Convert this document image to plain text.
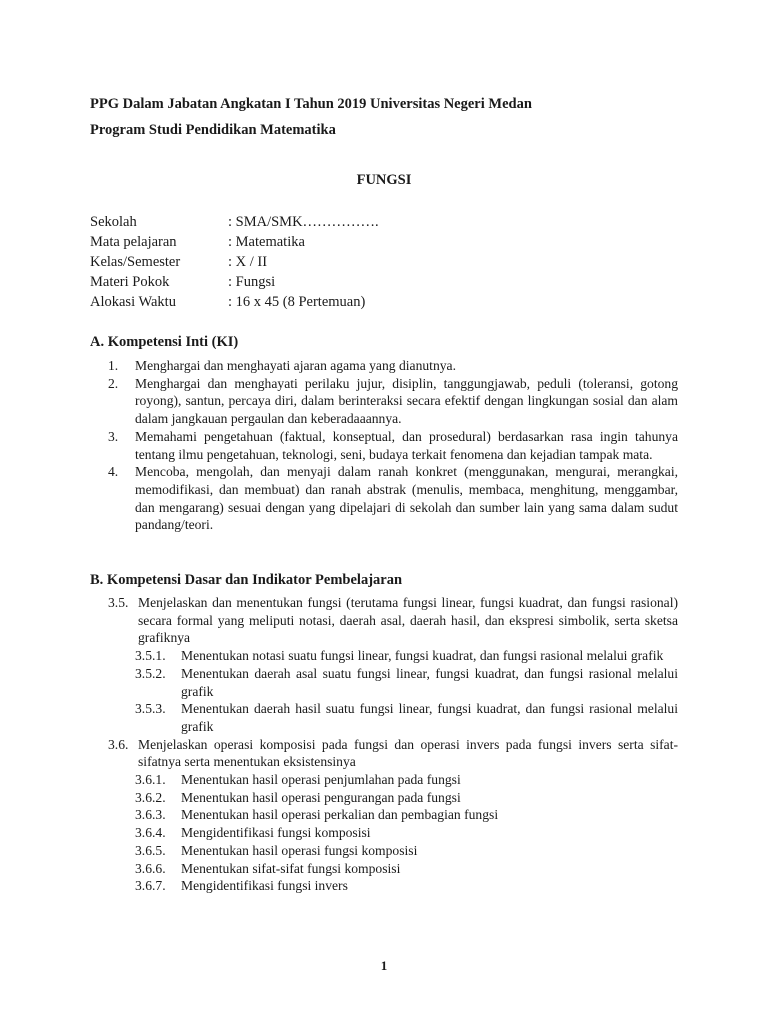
PPG Dalam Jabatan Angkatan I Tahun 2019 Universitas Negeri Medan
Program Studi Pendidikan Matematika
FUNGSI
Sekolah	: SMA/SMK…………….
Mata pelajaran	: Matematika
Kelas/Semester	: X / II
Materi Pokok	: Fungsi
Alokasi Waktu	: 16 x 45 (8 Pertemuan)
A. Kompetensi Inti (KI)
1.	Menghargai dan menghayati ajaran agama yang dianutnya.
2.	Menghargai dan menghayati perilaku jujur, disiplin, tanggungjawab, peduli (toleransi, gotong royong), santun, percaya diri, dalam berinteraksi secara efektif dengan lingkungan sosial dan alam dalam jangkauan pergaulan dan keberadaaannya.
3.	Memahami pengetahuan (faktual, konseptual, dan prosedural) berdasarkan rasa ingin tahunya tentang ilmu pengetahuan, teknologi, seni, budaya terkait fenomena dan kejadian tampak mata.
4.	Mencoba, mengolah, dan menyaji dalam ranah konkret (menggunakan, mengurai, merangkai, memodifikasi, dan membuat) dan ranah abstrak (menulis, membaca, menghitung, menggambar, dan mengarang) sesuai dengan yang dipelajari di sekolah dan sumber lain yang sama dalam sudut pandang/teori.
B. Kompetensi Dasar dan Indikator Pembelajaran
3.5. Menjelaskan dan menentukan fungsi (terutama fungsi linear, fungsi kuadrat, dan fungsi rasional) secara formal yang meliputi notasi, daerah asal, daerah hasil, dan ekspresi simbolik, serta sketsa grafiknya
3.5.1.	Menentukan notasi suatu fungsi linear, fungsi kuadrat, dan fungsi rasional melalui grafik
3.5.2.	Menentukan daerah asal suatu fungsi linear, fungsi kuadrat, dan fungsi rasional melalui grafik
3.5.3.	Menentukan daerah hasil suatu fungsi linear, fungsi kuadrat, dan fungsi rasional melalui grafik
3.6. Menjelaskan operasi komposisi pada fungsi dan operasi invers pada fungsi invers serta sifat-sifatnya serta menentukan eksistensinya
3.6.1.	Menentukan hasil operasi penjumlahan pada fungsi
3.6.2.	Menentukan hasil operasi pengurangan pada fungsi
3.6.3.	Menentukan hasil operasi perkalian dan pembagian fungsi
3.6.4.	Mengidentifikasi fungsi komposisi
3.6.5.	Menentukan hasil operasi fungsi komposisi
3.6.6.	Menentukan sifat-sifat fungsi komposisi
3.6.7.	Mengidentifikasi fungsi invers
1
